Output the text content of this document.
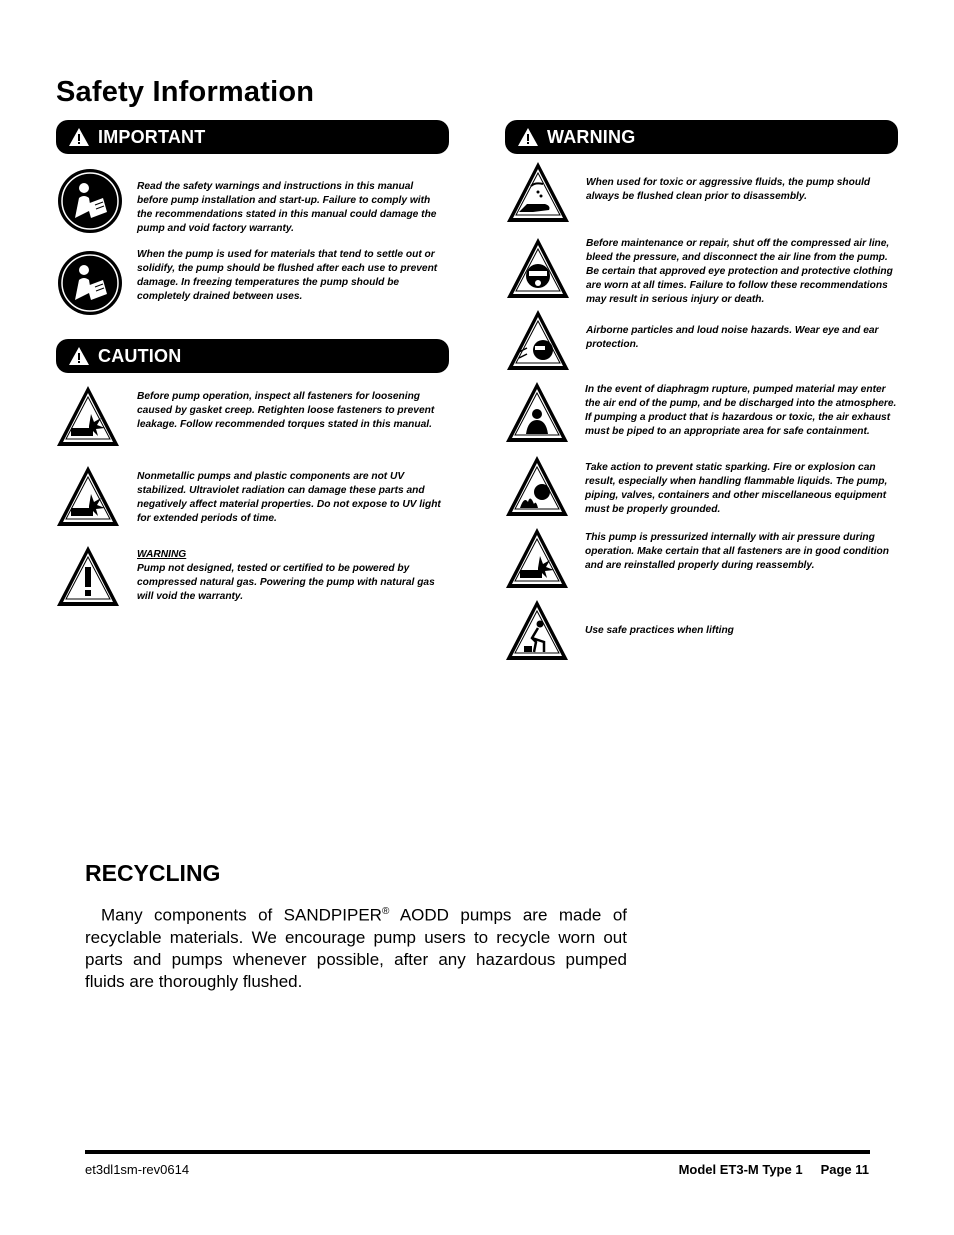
Safety Information
IMPORTANT

Read the safety warnings and instructions in this manual before pump installation and start-up. Failure to comply with the recommendations stated in this manual could damage the pump and void factory warranty.

When the pump is used for materials that tend to settle out or solidify, the pump should be flushed after each use to prevent damage. In freezing temperatures the pump should be completely drained between uses.

CAUTION

Before pump operation, inspect all fasteners for loosening caused by gasket creep. Retighten loose fasteners to prevent leakage. Follow recommended torques stated in this manual.

Nonmetallic pumps and plastic components are not UV stabilized. Ultraviolet radiation can damage these parts and negatively affect material properties. Do not expose to UV light for extended periods of time.

WARNING
Pump not designed, tested or certified to be powered by compressed natural gas. Powering the pump with natural gas will void the warranty.

WARNING

When used for toxic or aggressive fluids, the pump should always be flushed clean prior to disassembly.

Before maintenance or repair, shut off the compressed air line, bleed the pressure, and disconnect the air line from the pump. Be certain that approved eye protection and protective clothing are worn at all times. Failure to follow these recommendations may result in serious injury or death.

Airborne particles and loud noise hazards. Wear eye and ear protection.

In the event of diaphragm rupture, pumped material may enter the air end of the pump, and be discharged into the atmosphere. If pumping a product that is hazardous or toxic, the air exhaust must be piped to an appropriate area for safe containment.

Take action to prevent static sparking. Fire or explosion can result, especially when handling flammable liquids. The pump, piping, valves, containers and other miscellaneous equipment must be properly grounded.

This pump is pressurized internally with air pressure during operation. Make certain that all fasteners are in good condition and are reinstalled properly during reassembly.

Use safe practices when lifting

RECYCLING

Many components of SANDPIPER® AODD pumps are made of recyclable materials. We encourage pump users to recycle worn out parts and pumps whenever possible, after any hazardous pumped fluids are thoroughly flushed.

et3dl1sm-rev0614	Model ET3-M Type 1 Page 11
